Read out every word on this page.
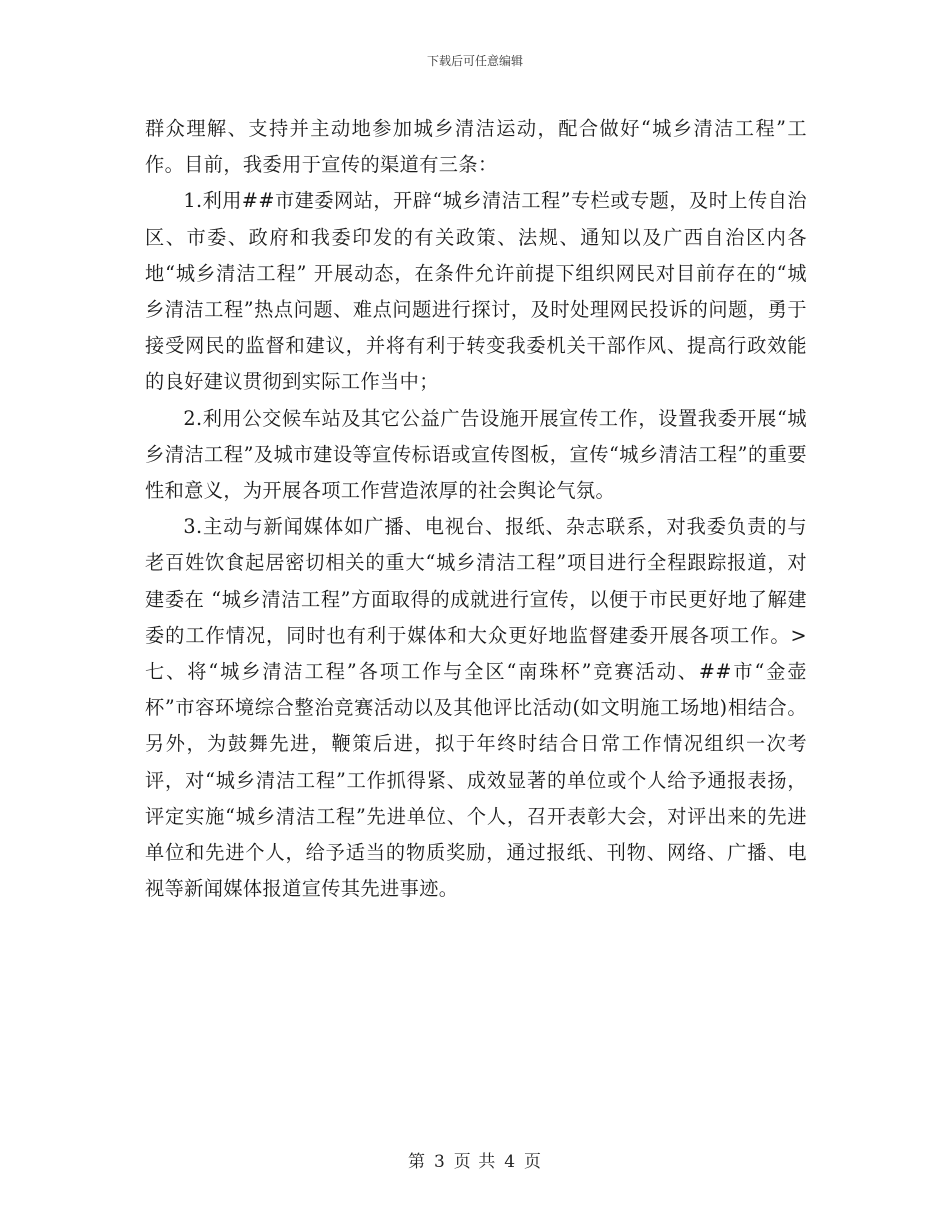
下载后可任意编辑

群众理解、支持并主动地参加城乡清洁运动，配合做好“城乡清洁工程”工作。目前，我委用于宣传的渠道有三条：

1.利用##市建委网站，开辟“城乡清洁工程”专栏或专题，及时上传自治区、市委、政府和我委印发的有关政策、法规、通知以及广西自治区内各地“城乡清洁工程” 开展动态，在条件允许前提下组织网民对目前存在的“城乡清洁工程”热点问题、难点问题进行探讨，及时处理网民投诉的问题，勇于接受网民的监督和建议，并将有利于转变我委机关干部作风、提高行政效能的良好建议贯彻到实际工作当中；

2.利用公交候车站及其它公益广告设施开展宣传工作，设置我委开展“城乡清洁工程”及城市建设等宣传标语或宣传图板，宣传“城乡清洁工程”的重要性和意义，为开展各项工作营造浓厚的社会舆论气氛。

3.主动与新闻媒体如广播、电视台、报纸、杂志联系，对我委负责的与老百姓饮食起居密切相关的重大“城乡清洁工程”项目进行全程跟踪报道，对建委在 “城乡清洁工程”方面取得的成就进行宣传，以便于市民更好地了解建委的工作情况，同时也有利于媒体和大众更好地监督建委开展各项工作。> 七、将“城乡清洁工程”各项工作与全区“南珠杯”竞赛活动、##市“金壶杯”市容环境综合整治竞赛活动以及其他评比活动(如文明施工场地)相结合。另外，为鼓舞先进，鞭策后进，拟于年终时结合日常工作情况组织一次考评，对“城乡清洁工程”工作抓得紧、成效显著的单位或个人给予通报表扬，评定实施“城乡清洁工程”先进单位、个人，召开表彰大会，对评出来的先进单位和先进个人，给予适当的物质奖励，通过报纸、刊物、网络、广播、电视等新闻媒体报道宣传其先进事迹。

第 3 页 共 4 页
